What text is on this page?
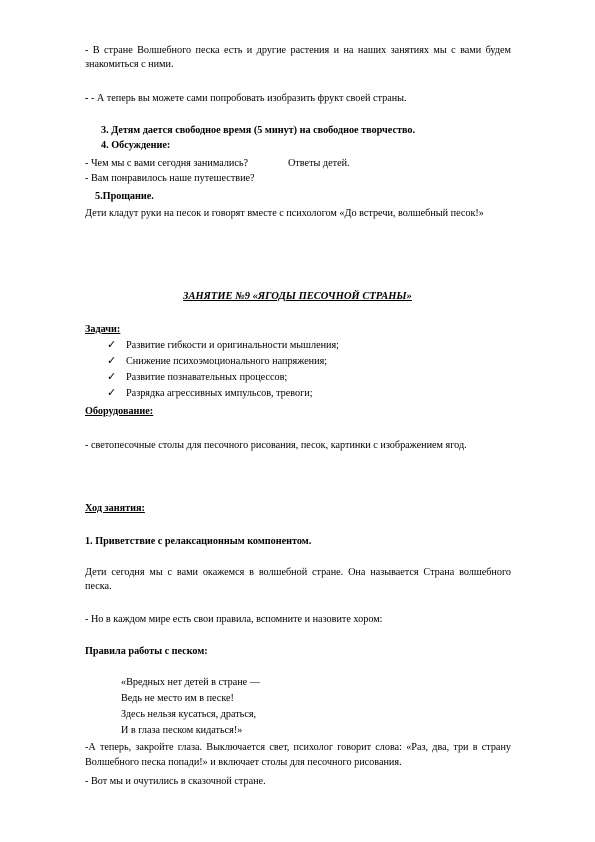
- В стране Волшебного песка есть и другие растения и на наших занятиях мы с вами будем
знакомиться с ними.
- - А теперь вы можете сами попробовать изобразить фрукт своей страны.
3. Детям дается свободное время (5 минут) на свободное творчество.
4. Обсуждение:
- Чем мы с вами сегодня занимались?	Ответы детей.
- Вам понравилось наше путешествие?
5.Прощание.
Дети кладут руки на песок и говорят вместе с психологом «До встречи, волшебный песок!»
ЗАНЯТИЕ №9 «ЯГОДЫ ПЕСОЧНОЙ СТРАНЫ»
Задачи:
✓ Развитие гибкости и оригинальности мышления;
✓ Снижение психоэмоционального напряжения;
✓ Развитие познавательных процессов;
✓ Разрядка агрессивных импульсов, тревоги;
Оборудование:
- светопесочные столы для песочного рисования, песок, картинки с изображением ягод.
Ход занятия:
1. Приветствие с релаксационным компонентом.
Дети сегодня мы с вами окажемся в волшебной стране. Она называется Страна волшебного
песка.
- Но в каждом мире есть свои правила, вспомните и назовите хором:
Правила работы с песком:
«Вредных нет детей в стране —
Ведь не место им в песке!
Здесь нельзя кусаться, драться,
И в глаза песком кидаться!»
-А теперь, закройте глаза. Выключается свет, психолог говорит слова: «Раз, два, три в страну
Волшебного песка попади!» и включает столы для песочного рисования.
- Вот мы и очутились в сказочной стране.
